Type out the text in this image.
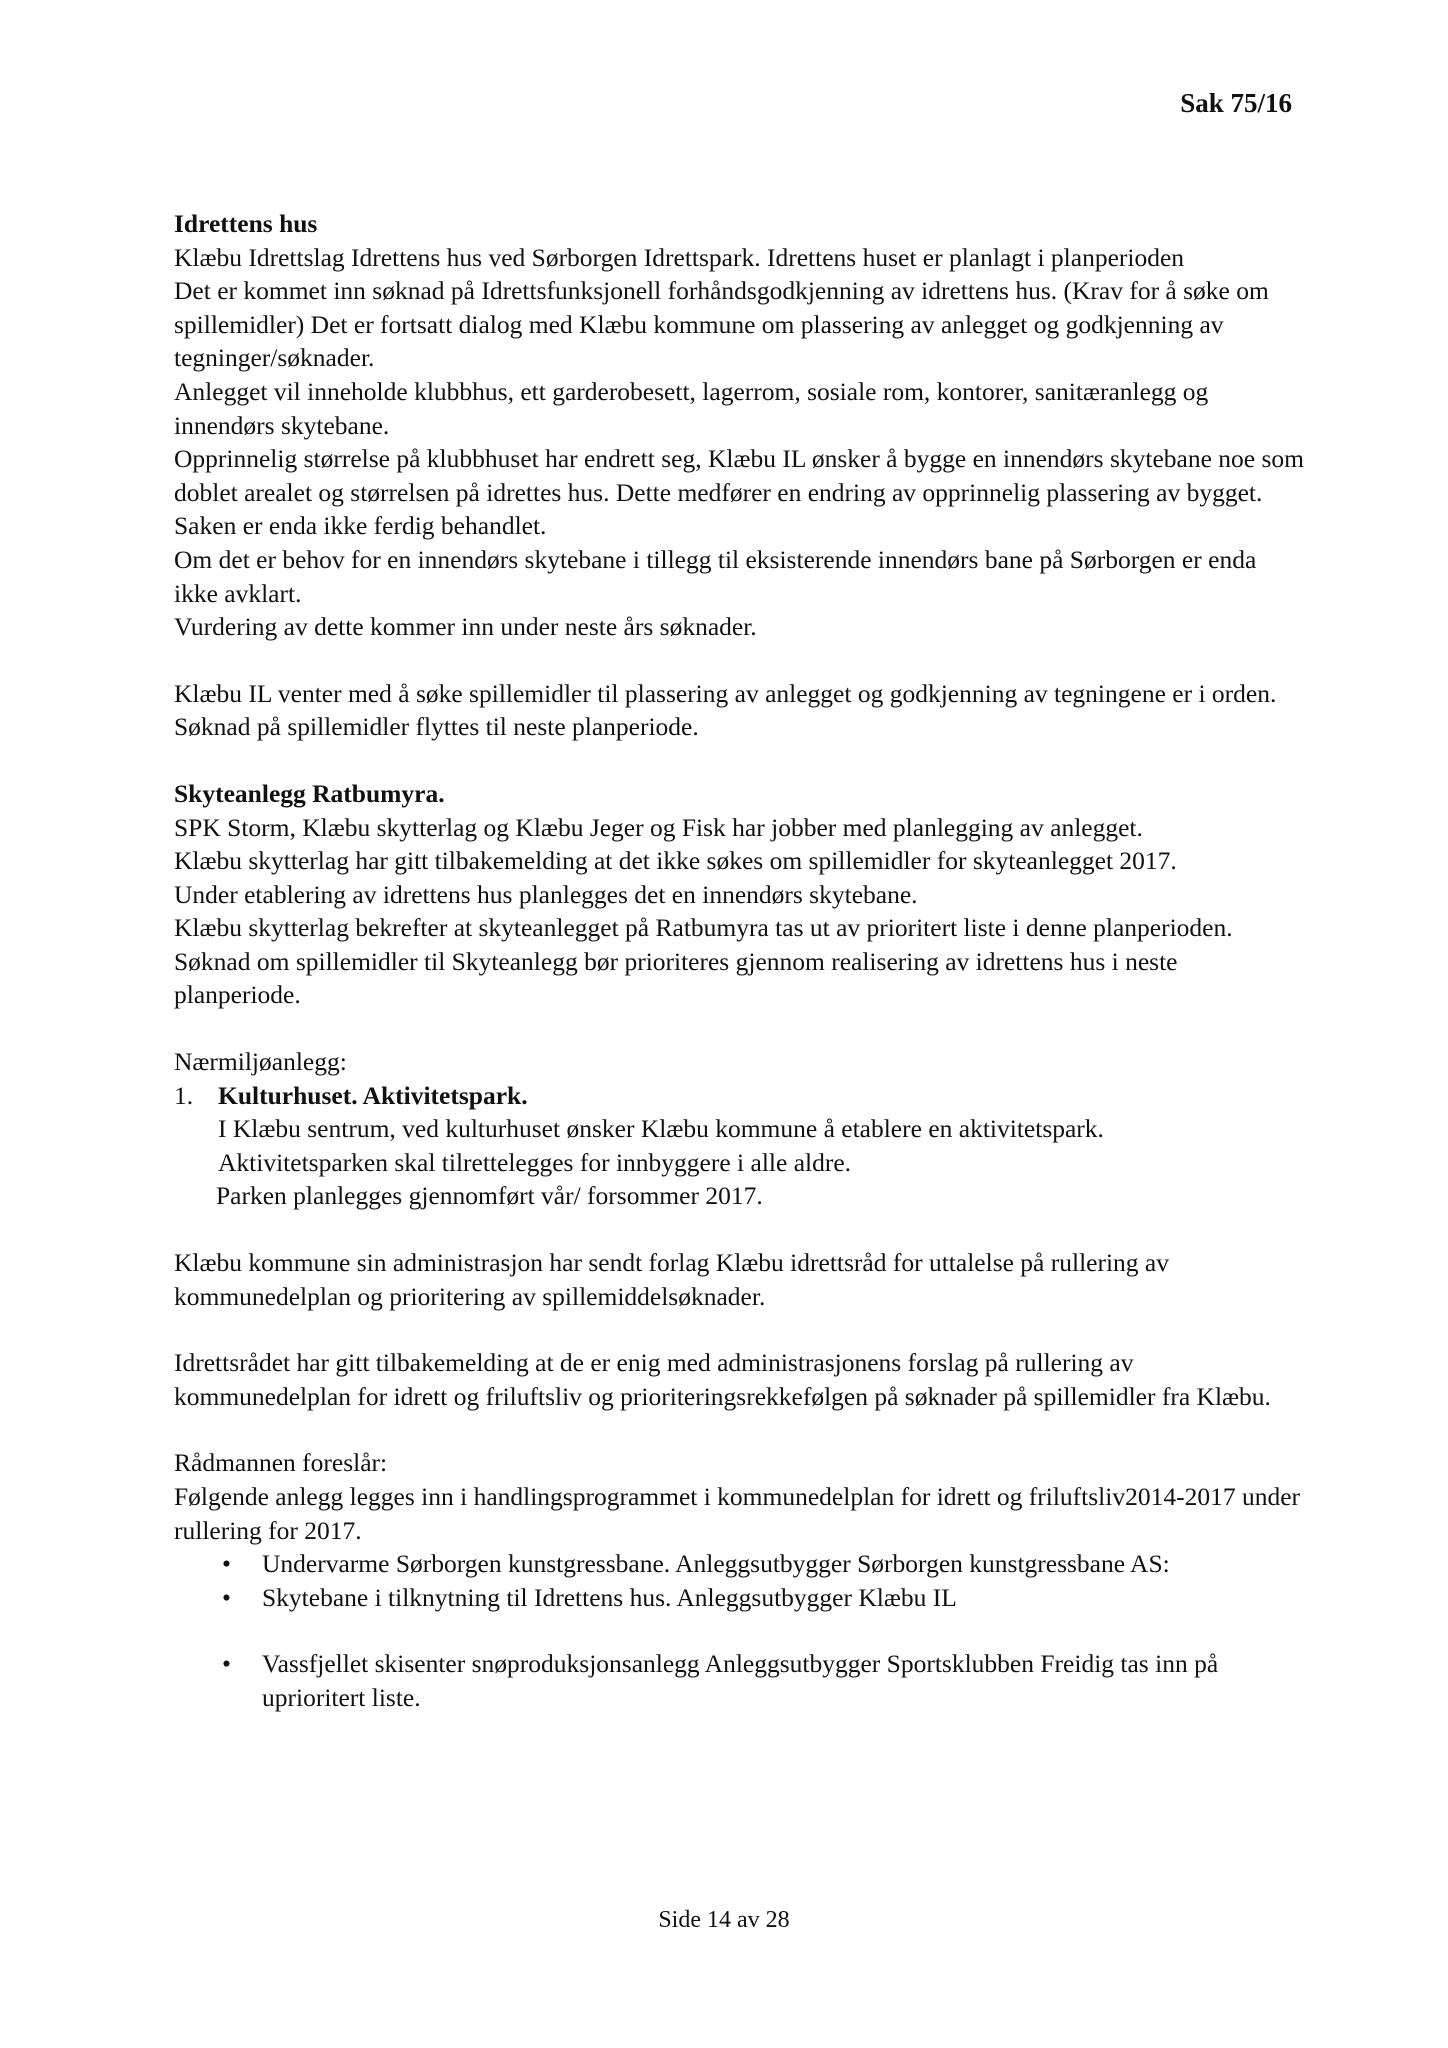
Sak 75/16

Idrettens hus

Klæbu Idrettslag Idrettens hus ved Sørborgen Idrettspark. Idrettens huset er planlagt i planperioden

Det er kommet inn søknad på Idrettsfunksjonell forhåndsgodkjenning av idrettens hus. (Krav for å søke om spillemidler) Det er fortsatt dialog med Klæbu kommune om plassering av anlegget og godkjenning av tegninger/søknader.

Anlegget vil inneholde klubbhus, ett garderobesett, lagerrom, sosiale rom, kontorer, sanitæranlegg og innendørs skytebane.

Opprinnelig størrelse på klubbhuset har endrett seg, Klæbu IL ønsker å bygge en innendørs skytebane noe som doblet arealet og størrelsen på idrettes hus. Dette medfører en endring av opprinnelig plassering av bygget. Saken er enda ikke ferdig behandlet.

Om det er behov for en innendørs skytebane i tillegg til eksisterende innendørs bane på Sørborgen er enda ikke avklart.

Vurdering av dette kommer inn under neste års søknader.

Klæbu IL venter med å søke spillemidler til plassering av anlegget og godkjenning av tegningene er i orden. Søknad på spillemidler flyttes til neste planperiode.

Skyteanlegg Ratbumyra.

SPK Storm, Klæbu skytterlag og Klæbu Jeger og Fisk har jobber med planlegging av anlegget.

Klæbu skytterlag har gitt tilbakemelding at det ikke søkes om spillemidler for skyteanlegget 2017.

Under etablering av idrettens hus planlegges det en innendørs skytebane.

Klæbu skytterlag bekrefter at skyteanlegget på Ratbumyra tas ut av prioritert liste i denne planperioden.

Søknad om spillemidler til Skyteanlegg bør prioriteres gjennom realisering av idrettens hus i neste planperiode.

Nærmiljøanlegg:

1. Kulturhuset. Aktivitetspark.

I Klæbu sentrum, ved kulturhuset ønsker Klæbu kommune å etablere en aktivitetspark.

Aktivitetsparken skal tilrettelegges for innbyggere i alle aldre.

Parken planlegges gjennomført vår/ forsommer 2017.

Klæbu kommune sin administrasjon har sendt forlag Klæbu idrettsråd for uttalelse på rullering av kommunedelplan og prioritering av spillemiddelsøknader.

Idrettsrådet har gitt tilbakemelding at de er enig med administrasjonens forslag på rullering av kommunedelplan for idrett og friluftsliv og prioriteringsrekkefølgen på søknader på spillemidler fra Klæbu.

Rådmannen foreslår:

Følgende anlegg legges inn i handlingsprogrammet i kommunedelplan for idrett og friluftsliv2014-2017 under rullering for 2017.

•	Undervarme Sørborgen kunstgressbane. Anleggsutbygger Sørborgen kunstgressbane AS:
•	Skytebane i tilknytning til Idrettens hus. Anleggsutbygger Klæbu IL
•	Vassfjellet skisenter snøproduksjonsanlegg Anleggsutbygger Sportsklubben Freidig tas inn på uprioritert liste.
Side 14 av 28
